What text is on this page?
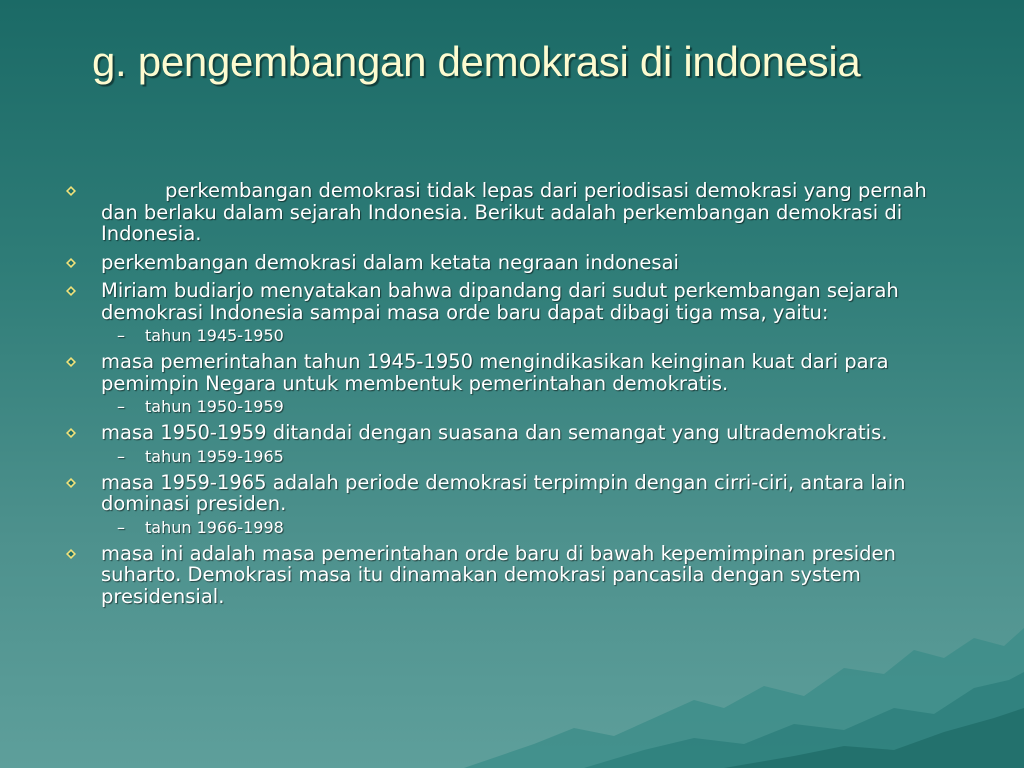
g. pengembangan demokrasi di indonesia
perkembangan demokrasi tidak lepas dari periodisasi demokrasi yang pernah dan berlaku dalam sejarah Indonesia. Berikut adalah perkembangan demokrasi di Indonesia.
perkembangan demokrasi dalam ketata negraan indonesai
Miriam budiarjo menyatakan bahwa dipandang dari sudut perkembangan sejarah demokrasi Indonesia sampai masa orde baru dapat dibagi tiga msa, yaitu:
– tahun 1945-1950
masa pemerintahan tahun 1945-1950 mengindikasikan keinginan kuat dari para pemimpin Negara untuk membentuk pemerintahan demokratis.
– tahun 1950-1959
masa 1950-1959 ditandai dengan suasana dan semangat yang ultrademokratis.
– tahun 1959-1965
masa 1959-1965 adalah periode demokrasi terpimpin dengan cirri-ciri, antara lain dominasi presiden.
– tahun 1966-1998
masa ini adalah masa pemerintahan orde baru di bawah kepemimpinan presiden suharto. Demokrasi masa itu dinamakan demokrasi pancasila dengan system presidensial.
